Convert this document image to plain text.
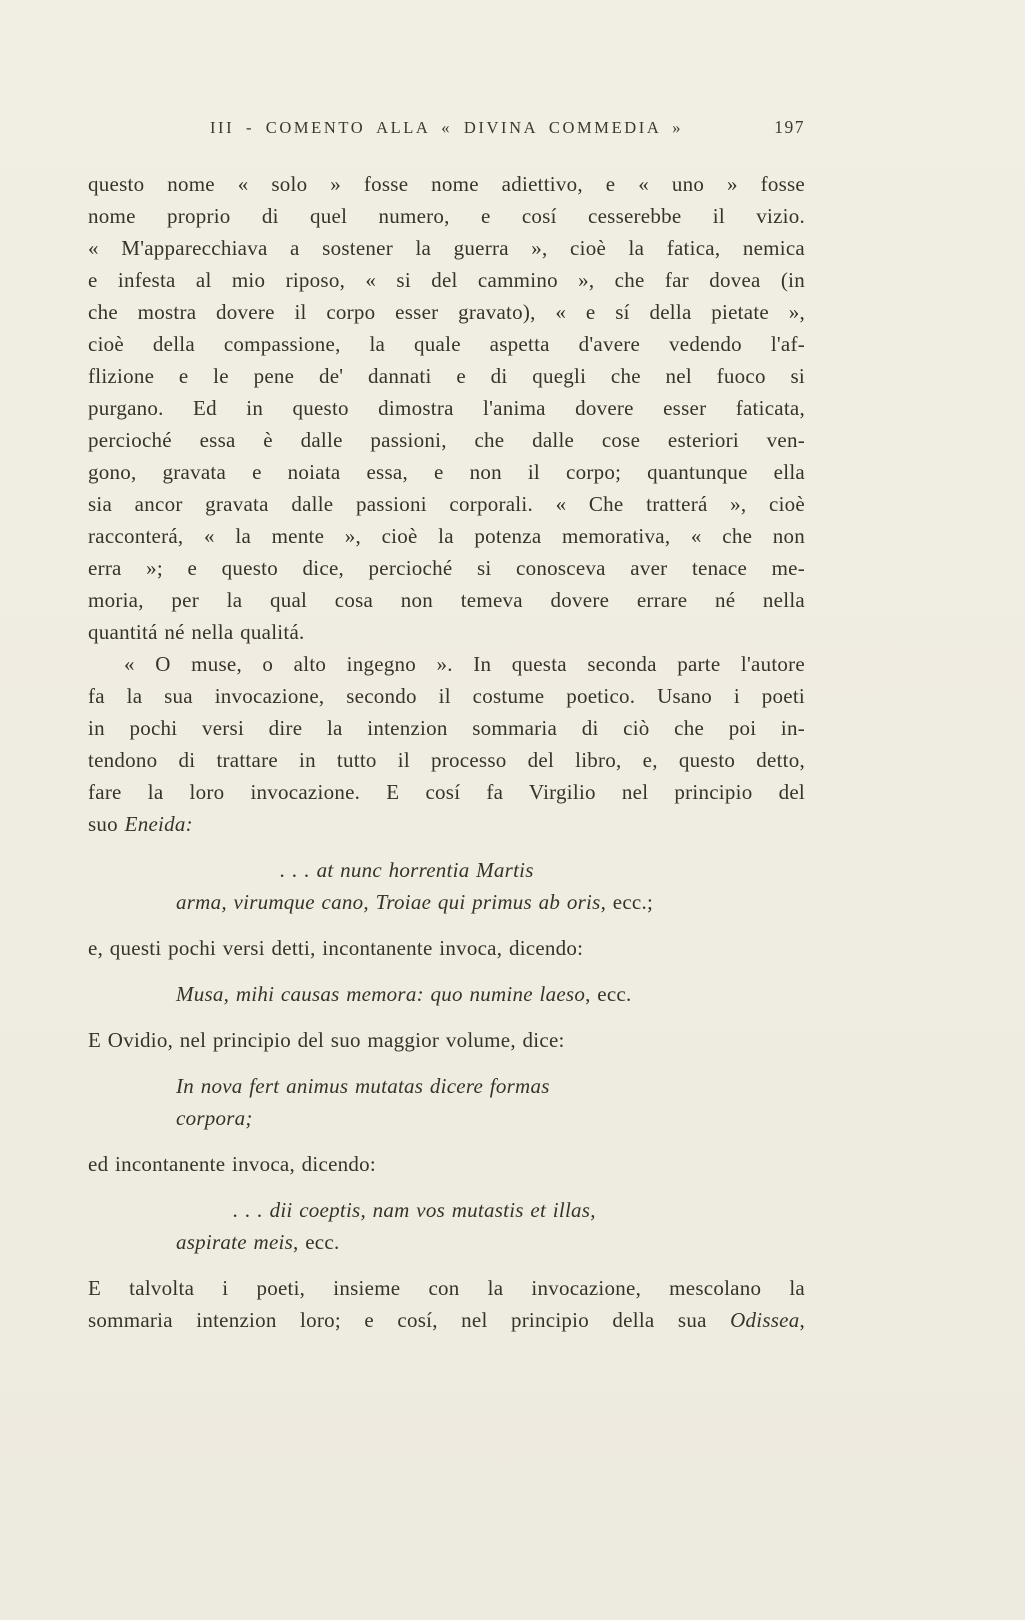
III - COMENTO ALLA « DIVINA COMMEDIA »	197
questo nome « solo » fosse nome adiettivo, e « uno » fosse
nome proprio di quel numero, e cosí cesserebbe il vizio.
« M'apparecchiava a sostener la guerra », cioè la fatica, nemica
e infesta al mio riposo, « si del cammino », che far dovea (in
che mostra dovere il corpo esser gravato), « e sí della pietate »,
cioè della compassione, la quale aspetta d'avere vedendo l'af-
flizione e le pene de' dannati e di quegli che nel fuoco si
purgano. Ed in questo dimostra l'anima dovere esser faticata,
percioché essa è dalle passioni, che dalle cose esteriori ven-
gono, gravata e noiata essa, e non il corpo; quantunque ella
sia ancor gravata dalle passioni corporali. « Che tratterá », cioè
racconterá, « la mente », cioè la potenza memorativa, « che non
erra »; e questo dice, percioché si conosceva aver tenace me-
moria, per la qual cosa non temeva dovere errare né nella
quantitá né nella qualitá.
« O muse, o alto ingegno ». In questa seconda parte l'autore
fa la sua invocazione, secondo il costume poetico. Usano i poeti
in pochi versi dire la intenzion sommaria di ciò che poi in-
tendono di trattare in tutto il processo del libro, e, questo detto,
fare la loro invocazione. E cosí fa Virgilio nel principio del
suo Eneida:
. . . at nunc horrentia Martis
arma, virumque cano, Troiae qui primus ab oris, ecc.;
e, questi pochi versi detti, incontanente invoca, dicendo:
Musa, mihi causas memora: quo numine laeso, ecc.
E Ovidio, nel principio del suo maggior volume, dice:
In nova fert animus mutatas dicere formas
corpora;
ed incontanente invoca, dicendo:
. . . dii coeptis, nam vos mutastis et illas,
aspirate meis, ecc.
E talvolta i poeti, insieme con la invocazione, mescolano la
sommaria intenzion loro; e cosí, nel principio della sua Odissea,
